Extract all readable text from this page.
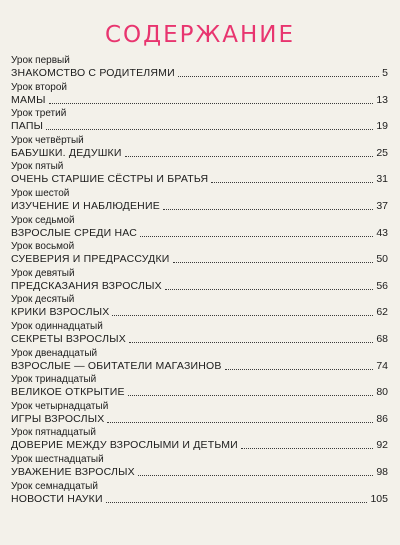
СОДЕРЖАНИЕ
Урок первый
ЗНАКОМСТВО С РОДИТЕЛЯМИ	5
Урок второй
МАМЫ	13
Урок третий
ПАПЫ	19
Урок четвёртый
БАБУШКИ. ДЕДУШКИ	25
Урок пятый
ОЧЕНЬ СТАРШИЕ СЁСТРЫ И БРАТЬЯ	31
Урок шестой
ИЗУЧЕНИЕ И НАБЛЮДЕНИЕ	37
Урок седьмой
ВЗРОСЛЫЕ СРЕДИ НАС	43
Урок восьмой
СУЕВЕРИЯ И ПРЕДРАССУДКИ	50
Урок девятый
ПРЕДСКАЗАНИЯ ВЗРОСЛЫХ	56
Урок десятый
КРИКИ ВЗРОСЛЫХ	62
Урок одиннадцатый
СЕКРЕТЫ ВЗРОСЛЫХ	68
Урок двенадцатый
ВЗРОСЛЫЕ — ОБИТАТЕЛИ МАГАЗИНОВ	74
Урок тринадцатый
ВЕЛИКОЕ ОТКРЫТИЕ	80
Урок четырнадцатый
ИГРЫ ВЗРОСЛЫХ	86
Урок пятнадцатый
ДОВЕРИЕ МЕЖДУ ВЗРОСЛЫМИ И ДЕТЬМИ	92
Урок шестнадцатый
УВАЖЕНИЕ ВЗРОСЛЫХ	98
Урок семнадцатый
НОВОСТИ НАУКИ	105
